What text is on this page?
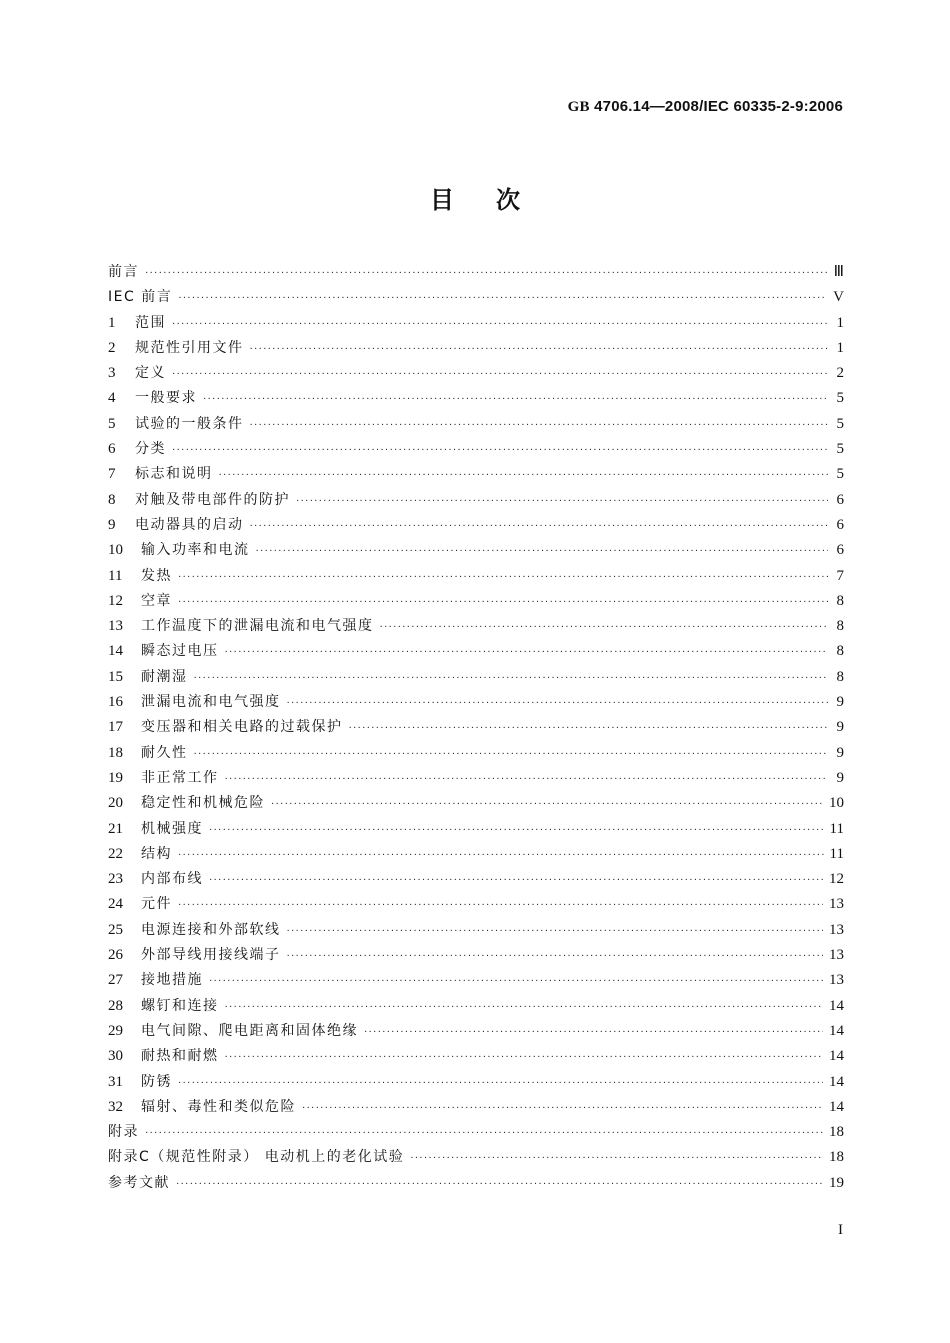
GB 4706.14—2008/IEC 60335-2-9:2006
目 次
前言 ·····	Ⅲ
IEC 前言 ·····	V
1	范围 ·····	1
2	规范性引用文件 ·····	1
3	定义 ·····	2
4	一般要求 ·····	5
5	试验的一般条件 ·····	5
6	分类 ·····	5
7	标志和说明 ·····	5
8	对触及带电部件的防护 ·····	6
9	电动器具的启动 ·····	6
10	输入功率和电流 ·····	6
11	发热 ·····	7
12	空章 ·····	8
13	工作温度下的泄漏电流和电气强度 ·····	8
14	瞬态过电压 ·····	8
15	耐潮湿 ·····	8
16	泄漏电流和电气强度 ·····	9
17	变压器和相关电路的过载保护 ·····	9
18	耐久性 ·····	9
19	非正常工作 ·····	9
20	稳定性和机械危险 ·····	10
21	机械强度 ·····	11
22	结构 ·····	11
23	内部布线 ·····	12
24	元件 ·····	13
25	电源连接和外部软线 ·····	13
26	外部导线用接线端子 ·····	13
27	接地措施 ·····	13
28	螺钉和连接 ·····	14
29	电气间隙、爬电距离和固体绝缘 ·····	14
30	耐热和耐燃 ·····	14
31	防锈 ·····	14
32	辐射、毒性和类似危险 ·····	14
附录 ·····	18
附录C（规范性附录） 电动机上的老化试验 ·····	18
参考文献 ·····	19
I
